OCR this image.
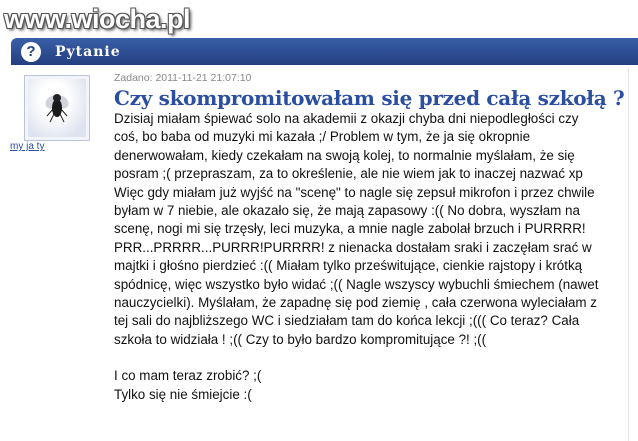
www.wiocha.pl
?	Pytanie
my ja ty
Zadano: 2011-11-21 21:07:10
Czy skompromitowałam się przed całą szkołą ?
Dzisiaj miałam śpiewać solo na akademii z okazji chyba dni niepodległości czy
coś, bo baba od muzyki mi kazała ;/ Problem w tym, że ja się okropnie
denerwowałam, kiedy czekałam na swoją kolej, to normalnie myślałam, że się
posram ;( przepraszam, za to określenie, ale nie wiem jak to inaczej nazwać xp
Więc gdy miałam już wyjść na "scenę" to nagle się zepsuł mikrofon i przez chwile
byłam w 7 niebie, ale okazało się, że mają zapasowy :(( No dobra, wyszłam na
scenę, nogi mi się trzęsły, leci muzyka, a mnie nagle zabolał brzuch i PURRRR!
PRR...PRRRR...PURRR!PURRRR! z nienacka dostałam sraki i zaczęłam srać w
majtki i głośno pierdzieć :(( Miałam tylko prześwitujące, cienkie rajstopy i krótką
spódnicę, więc wszystko było widać ;(( Nagle wszyscy wybuchli śmiechem (nawet
nauczycielki). Myślałam, że zapadnę się pod ziemię , cała czerwona wyleciałam z
tej sali do najbliższego WC i siedziałam tam do końca lekcji ;((( Co teraz? Cała
szkoła to widziała ! ;(( Czy to było bardzo kompromitujące ?! ;((
I co mam teraz zrobić? ;(
Tylko się nie śmiejcie :(
